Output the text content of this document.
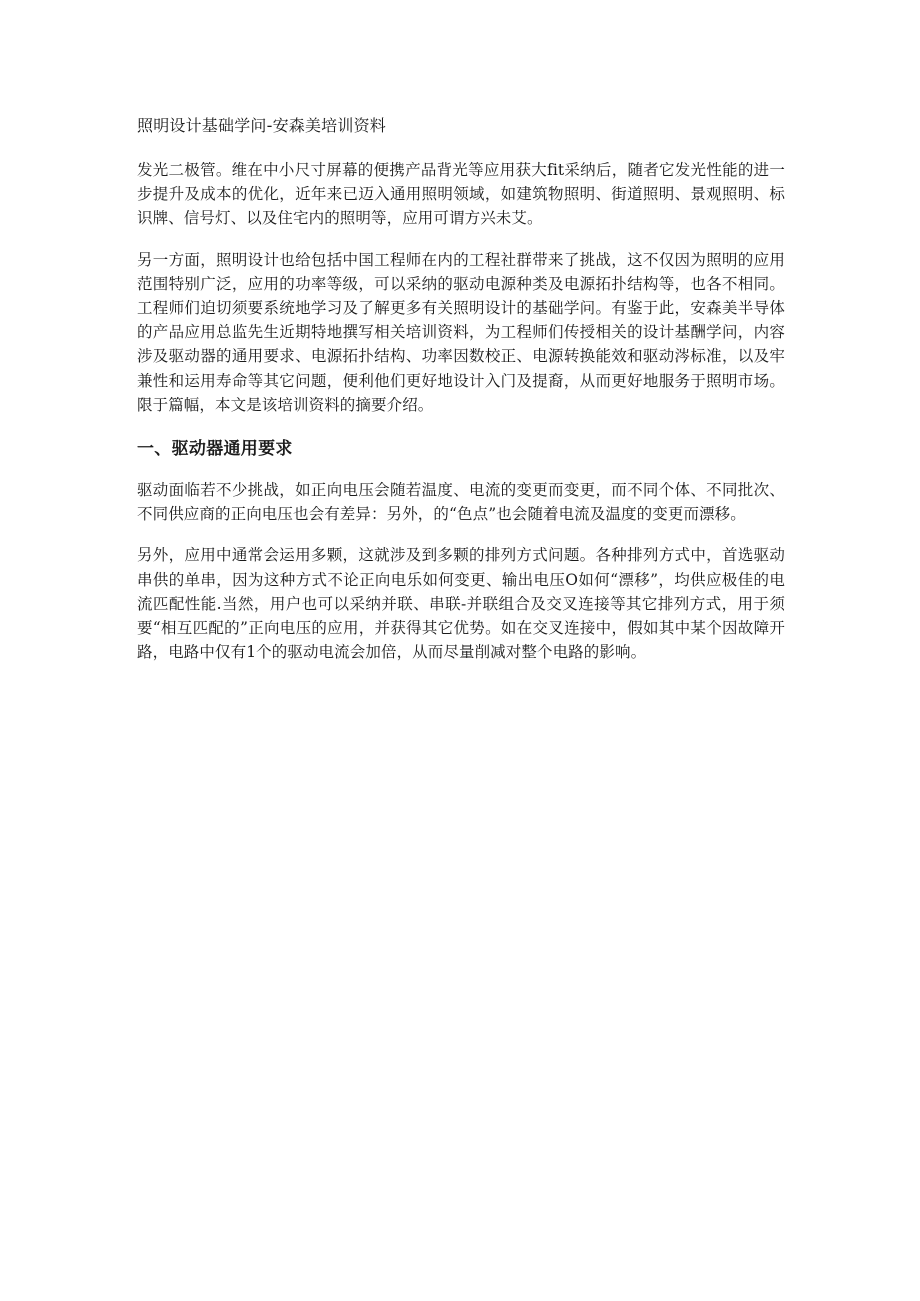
照明设计基础学问-安森美培训资料

发光二极管。维在中小尺寸屏幕的便携产品背光等应用获大fit采纳后，随者它发光性能的进一步提升及成本的优化，近年来已迈入通用照明领域，如建筑物照明、街道照明、景观照明、标识牌、信号灯、以及住宅内的照明等，应用可谓方兴未艾。

另一方面，照明设计也给包括中国工程师在内的工程社群带来了挑战，这不仅因为照明的应用范围特别广泛，应用的功率等级，可以采纳的驱动电源种类及电源拓扑结构等，也各不相同。工程师们迫切须要系统地学习及了解更多有关照明设计的基础学问。有鉴于此，安森美半导体的产品应用总监先生近期特地撰写相关培训资料，为工程师们传授相关的设计基酬学问，内容涉及驱动器的通用要求、电源拓扑结构、功率因数校正、电源转换能效和驱动涔标准，以及牢兼性和运用寿命等其它问题，便利他们更好地设计入门及提裔，从而更好地服务于照明市场。限于篇幅，本文是该培训资料的摘要介绍。

一、驱动器通用要求

驱动面临若不少挑战，如正向电压会随若温度、电流的变更而变更，而不同个体、不同批次、不同供应商的正向电压也会有差异：另外，的“色点”也会随着电流及温度的变更而漂移。

另外，应用中通常会运用多颗，这就涉及到多颗的排列方式问题。各种排列方式中，首选驱动串供的单串，因为这种方式不论正向电乐如何变更、输出电压O如何“漂移”，均供应极佳的电流匹配性能.当然，用户也可以采纳并联、串联-并联组合及交叉连接等其它排列方式，用于须要“相互匹配的”正向电压的应用，并获得其它优势。如在交叉连接中，假如其中某个因故障开路，电路中仅有1个的驱动电流会加倍，从而尽量削减对整个电路的影响。
